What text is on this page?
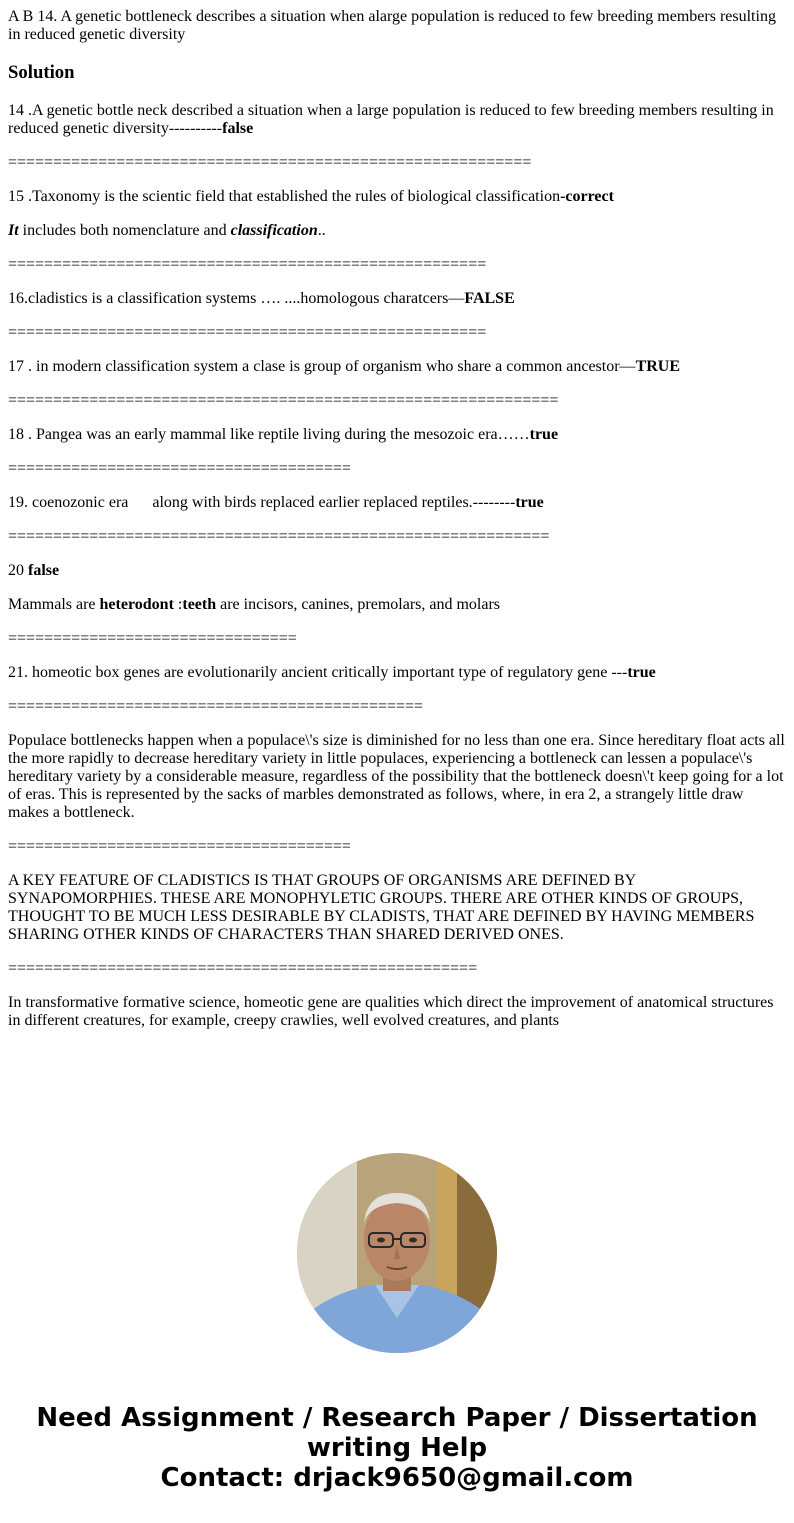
A B 14. A genetic bottleneck describes a situation when alarge population is reduced to few breeding members resulting in reduced genetic diversity

Solution

14 .A genetic bottle neck described a situation when a large population is reduced to few breeding members resulting in reduced genetic diversity----------false

==========================================================

15 .Taxonomy is the scientic field that established the rules of biological classification-correct

It includes both nomenclature and classification..

=====================================================

16.cladistics is a classification systems …. ....homologous charatcers—FALSE

=====================================================

17 . in modern classification system a clase is group of organism who share a common ancestor—TRUE

=============================================================

18 . Pangea was an early mammal like reptile living during the mesozoic era……true

======================================

19. coenozonic era      along with birds replaced earlier replaced reptiles.--------true

============================================================

20 false

Mammals are heterodont :teeth are incisors, canines, premolars, and molars

================================

21. homeotic box genes are evolutionarily ancient critically important type of regulatory gene ---true

==============================================

Populace bottlenecks happen when a populace\'s size is diminished for no less than one era. Since hereditary float acts all the more rapidly to decrease hereditary variety in little populaces, experiencing a bottleneck can lessen a populace\'s hereditary variety by a considerable measure, regardless of the possibility that the bottleneck doesn\'t keep going for a lot of eras. This is represented by the sacks of marbles demonstrated as follows, where, in era 2, a strangely little draw makes a bottleneck.

======================================

A KEY FEATURE OF CLADISTICS IS THAT GROUPS OF ORGANISMS ARE DEFINED BY SYNAPOMORPHIES. THESE ARE MONOPHYLETIC GROUPS. THERE ARE OTHER KINDS OF GROUPS, THOUGHT TO BE MUCH LESS DESIRABLE BY CLADISTS, THAT ARE DEFINED BY HAVING MEMBERS SHARING OTHER KINDS OF CHARACTERS THAN SHARED DERIVED ONES.

====================================================

In transformative formative science, homeotic gene are qualities which direct the improvement of anatomical structures in different creatures, for example, creepy crawlies, well evolved creatures, and plants

Need Assignment / Research Paper / Dissertation
writing Help
Contact: drjack9650@gmail.com
